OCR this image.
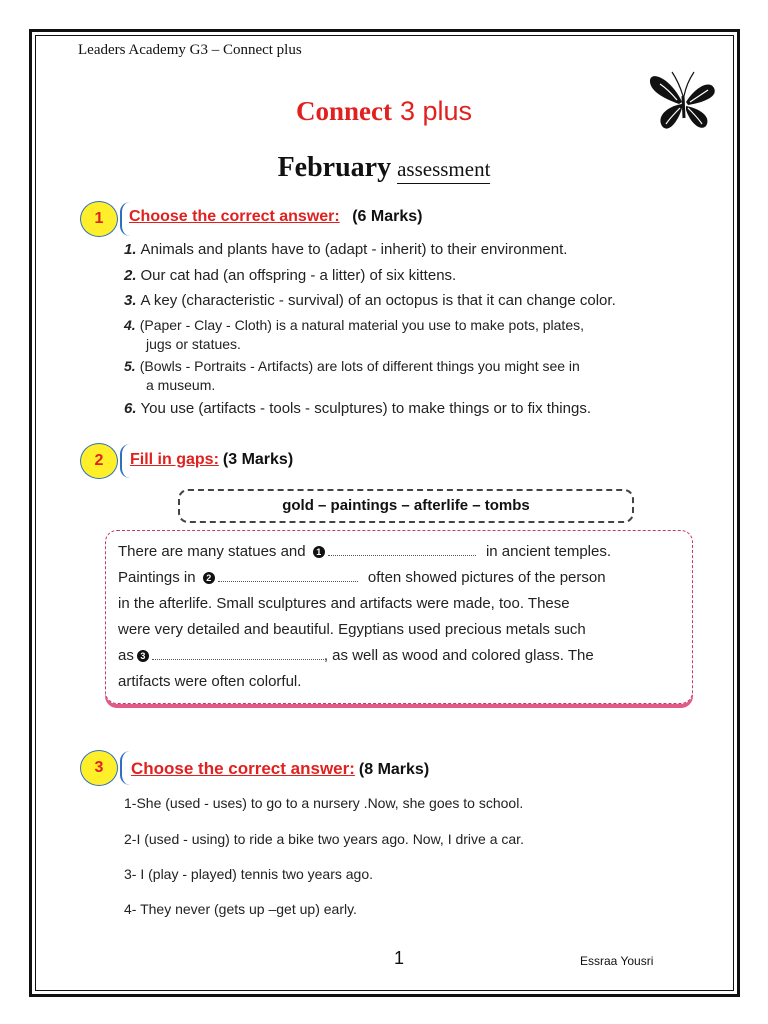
Leaders Academy G3 – Connect plus
Connect 3 plus
February assessment
1	Choose the correct answer: (6 Marks)
1. Animals and plants have to (adapt - inherit) to their environment.
2. Our cat had (an offspring - a litter) of six kittens.
3. A key (characteristic - survival) of an octopus is that it can change color.
4. (Paper - Clay - Cloth) is a natural material you use to make pots, plates,
jugs or statues.
5. (Bowls - Portraits - Artifacts) are lots of different things you might see in
a museum.
6. You use (artifacts - tools - sculptures) to make things or to fix things.
2	Fill in gaps: (3 Marks)
gold – paintings – afterlife – tombs
There are many statues and 1	in ancient temples.
Paintings in 2	often showed pictures of the person
in the afterlife. Small sculptures and artifacts were made, too. These
were very detailed and beautiful. Egyptians used precious metals such
as 3	, as well as wood and colored glass. The
artifacts were often colorful.
3	Choose the correct answer: (8 Marks)
1-She (used - uses) to go to a nursery .Now, she goes to school.
2-I (used - using) to ride a bike two years ago. Now, I drive a car.
3- I (play - played) tennis two years ago.
4- They never (gets up –get up) early.
1	Essraa Yousri
